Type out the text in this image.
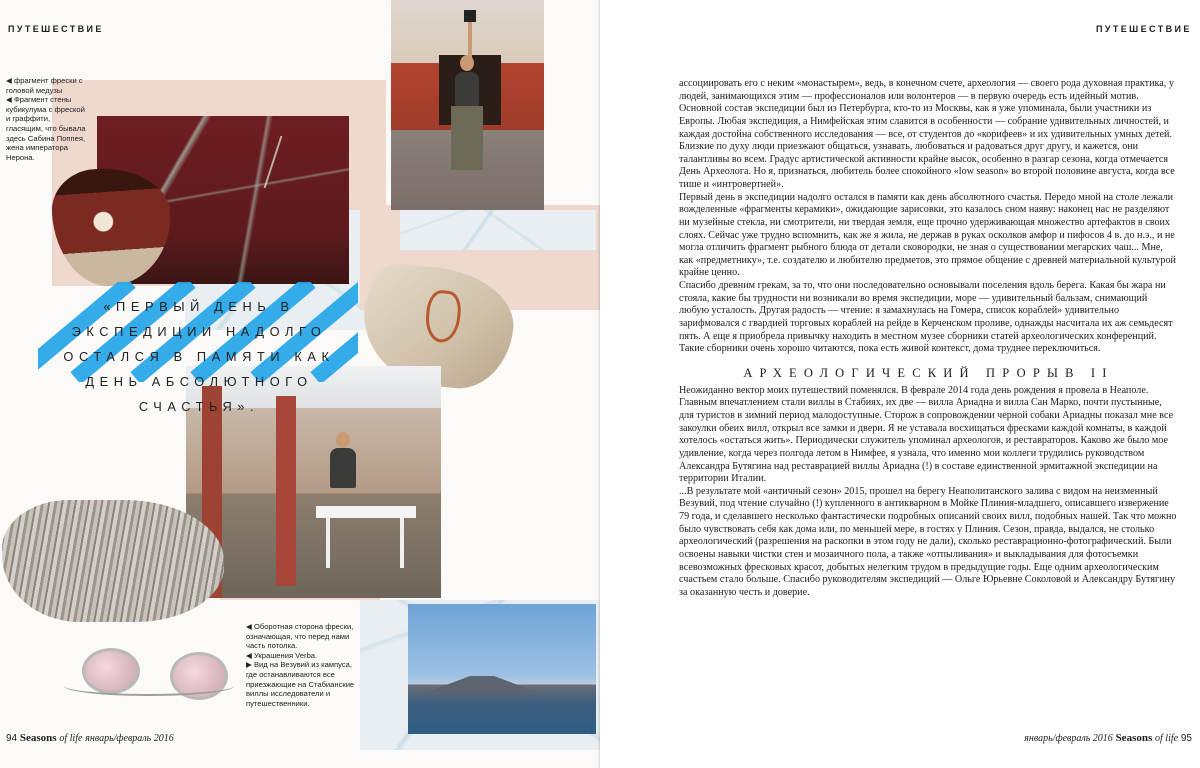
ПУТЕШЕСТВИЕ
«ПЕРВЫЙ ДЕНЬ В ЭКСПЕДИЦИИ НАДОЛГО ОСТАЛСЯ В ПАМЯТИ КАК ДЕНЬ АБСОЛЮТНОГО СЧАСТЬЯ».
◀ фрагмент фрески с головой медузы
◀ Фрагмент стены кубикулума с фреской и граффити, гласящим, что бывала здесь Сабина Поппея, жена императора Нерона.
◀ Оборотная сторона фрески, означающая, что перед нами часть потолка.
◀ Украшения Verba.
▶ Вид на Везувий из кампуса, где останавливаются все приезжающие на Стабианские виллы исследователи и путешественники.
94 Seasons of life январь/февраль 2016
ПУТЕШЕСТВИЕ

ассоциировать его с неким «монастырем», ведь, в конечном счете, археология — своего рода духовная практика, у людей, занимающихся этим — профессионалов или волонтеров — в первую очередь есть идейный мотив.

Основной состав экспедиции был из Петербурга, кто-то из Москвы, как я уже упоминала, были участники из Европы. Любая экспедиция, а Нимфейская этим славится в особенности — собрание удивительных личностей, и каждая достойна собственного исследования — все, от студентов до «корифеев» и их удивительных умных детей. Близкие по духу люди приезжают общаться, узнавать, любоваться и радоваться друг другу, и кажется, они талантливы во всем. Градус артистической активности крайне высок, особенно в разгар сезона, когда отмечается День Археолога. Но я, признаться, любитель более спокойного «low season» во второй половине августа, когда все тише и «интровертней».

Первый день в экспедиции надолго остался в памяти как день абсолютного счастья. Передо мной на столе лежали вожделенные «фрагменты керамики», ожидающие зарисовки, это казалось сном наяву: наконец нас не разделяют ни музейные стекла, ни смотрители, ни твердая земля, еще прочно удерживающая множество артефактов в своих слоях. Сейчас уже трудно вспомнить, как же я жила, не держав в руках осколков амфор и пифосов 4 в. до н.э., и не могла отличить фрагмент рыбного блюда от детали сковородки, не зная о существовании мегарских чаш... Мне, как «предметнику», т.е. создателю и любителю предметов, это прямое общение с древней материальной культурой крайне ценно.

Спасибо древним грекам, за то, что они последовательно основывали поселения вдоль берега. Какая бы жара ни стояла, какие бы трудности ни возникали во время экспедиции, море — удивительный бальзам, снимающий любую усталость. Другая радость — чтение: я замахнулась на Гомера, список кораблей» удивительно зарифмовался с гвардией торговых кораблей на рейде в Керченском проливе, однажды насчитала их аж семьдесят пять. А еще я приобрела привычку находить в местном музее сборники статей археологических конференций. Такие сборники очень хорошо читаются, пока есть живой контекст, дома труднее переключиться.

АРХЕОЛОГИЧЕСКИЙ ПРОРЫВ II

Неожиданно вектор моих путешествий поменялся. В феврале 2014 года день рождения я провела в Неаполе. Главным впечатлением стали виллы в Стабиях, их две — вилла Ариадна и вилла Сан Марко, почти пустынные, для туристов в зимний период малодоступные. Сторож в сопровождении черной собаки Ариадны показал мне все закоулки обеих вилл, открыл все замки и двери. Я не уставала восхищаться фресками каждой комнаты, в каждой хотелось «остаться жить». Периодически служитель упоминал археологов, и реставраторов. Каково же было мое удивление, когда через полгода летом в Нимфее, я узнала, что именно мои коллеги трудились руководством Александра Бутягина над реставрацией виллы Ариадна (!) в составе единственной эрмитажной экспедиции на территории Италии.

...В результате мой «античный сезон» 2015, прошел на берегу Неаполитанского залива с видом на неизменный Везувий, под чтение случайно (!) купленного в антикварном в Мойке Плиния-младшего, описавшего извержение 79 года, и сделавшего несколько фантастически подробных описаний своих вилл, подобных нашей. Так что можно было чувствовать себя как дома или, по меньшей мере, в гостях у Плиния. Сезон, правда, выдался, не столько археологический (разрешения на раскопки в этом году не дали), сколько реставрационно-фотографический. Были освоены навыки чистки стен и мозаичного пола, а также «отпыливания» и выкладывания для фотосъемки всевозможных фресковых красот, добытых нелегким трудом в предыдущие годы. Еще одним археологическим счастьем стало больше. Спасибо руководителям экспедиций — Ольге Юрьевне Соколовой и Александру Бутягину за оказанную честь и доверие.

январь/февраль 2016 Seasons of life 95
